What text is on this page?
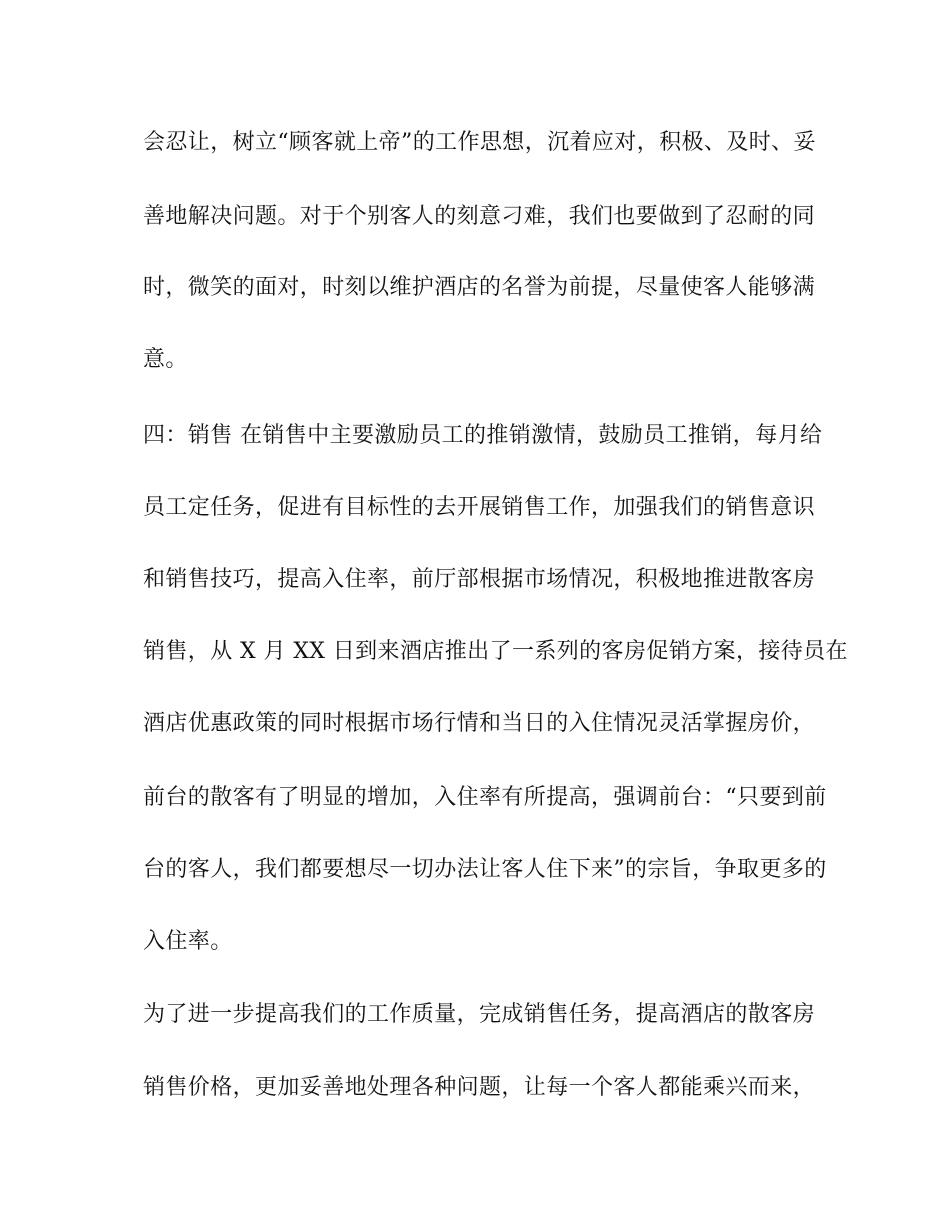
会忍让，树立“顾客就上帝”的工作思想，沉着应对，积极、及时、妥
善地解决问题。对于个别客人的刻意刁难，我们也要做到了忍耐的同
时，微笑的面对，时刻以维护酒店的名誉为前提，尽量使客人能够满
意。
四：销售 在销售中主要激励员工的推销激情，鼓励员工推销，每月给
员工定任务，促进有目标性的去开展销售工作，加强我们的销售意识
和销售技巧，提高入住率，前厅部根据市场情况，积极地推进散客房
销售，从 X 月 XX 日到来酒店推出了一系列的客房促销方案，接待员在
酒店优惠政策的同时根据市场行情和当日的入住情况灵活掌握房价，
前台的散客有了明显的增加，入住率有所提高，强调前台：“只要到前
台的客人，我们都要想尽一切办法让客人住下来”的宗旨，争取更多的
入住率。
为了进一步提高我们的工作质量，完成销售任务，提高酒店的散客房
销售价格，更加妥善地处理各种问题，让每一个客人都能乘兴而来，
